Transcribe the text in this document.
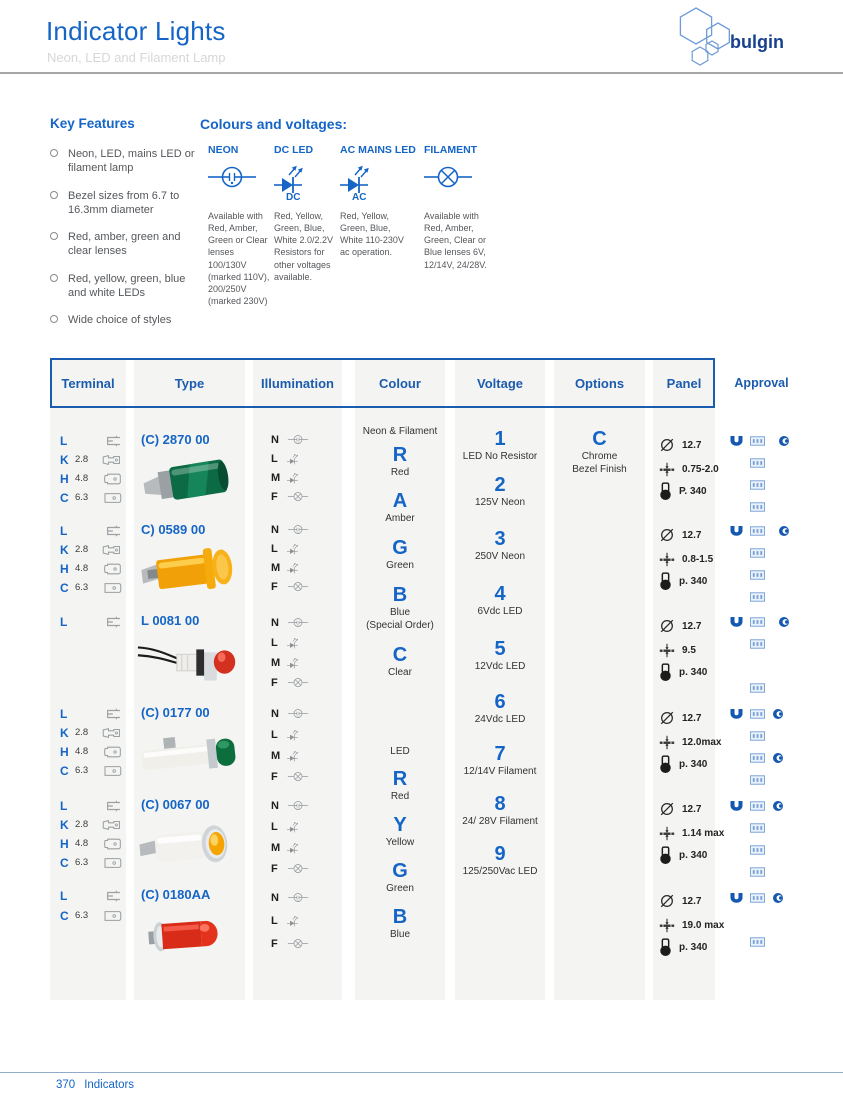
Indicator Lights
Neon, LED and Filament Lamp
bulgin
Key Features
Neon, LED, mains LED or filament lamp
Bezel sizes from 6.7 to 16.3mm diameter
Red, amber, green and clear lenses
Red, yellow, green, blue and white LEDs
Wide choice of styles
Colours and voltages:
NEON
Available with Red, Amber, Green or Clear lenses 100/130V (marked 110V), 200/250V (marked 230V)
DC LED
DC
Red, Yellow, Green, Blue, White 2.0/2.2V Resistors for other voltages available.
AC MAINS LED
AC
Red, Yellow, Green, Blue, White 110-230V ac operation.
FILAMENT
Available with Red, Amber, Green, Clear or Blue lenses 6V, 12/14V, 24/28V.
Terminal
L
K 2.8
H 4.8
C 6.3
L
K 2.8
H 4.8
C 6.3
L
L
K 2.8
H 4.8
C 6.3
L
K 2.8
H 4.8
C 6.3
L
C 6.3
Type
(C) 2870 00
C) 0589 00
L 0081 00
(C) 0177 00
(C) 0067 00
(C) 0180AA
Illumination
N
L
M
F
N
L
M
F
N
L
M
F
N
L
M
F
N
L
M
F
N
L
F
Colour
Neon & Filament
R
Red
A
Amber
G
Green
B
Blue
(Special Order)
C
Clear
LED
R
Red
Y
Yellow
G
Green
B
Blue
Voltage
1
LED No Resistor
2
125V Neon
3
250V Neon
4
6Vdc LED
5
12Vdc LED
6
24Vdc LED
7
12/14V Filament
8
24/ 28V Filament
9
125/250Vac LED
Options
C
Chrome
Bezel Finish
Panel
12.7
0.75-2.0
P. 340
12.7
0.8-1.5
p. 340
12.7
9.5
p. 340
12.7
12.0max
p. 340
12.7
1.14 max
p. 340
12.7
19.0 max
p. 340
Approval
370 Indicators
